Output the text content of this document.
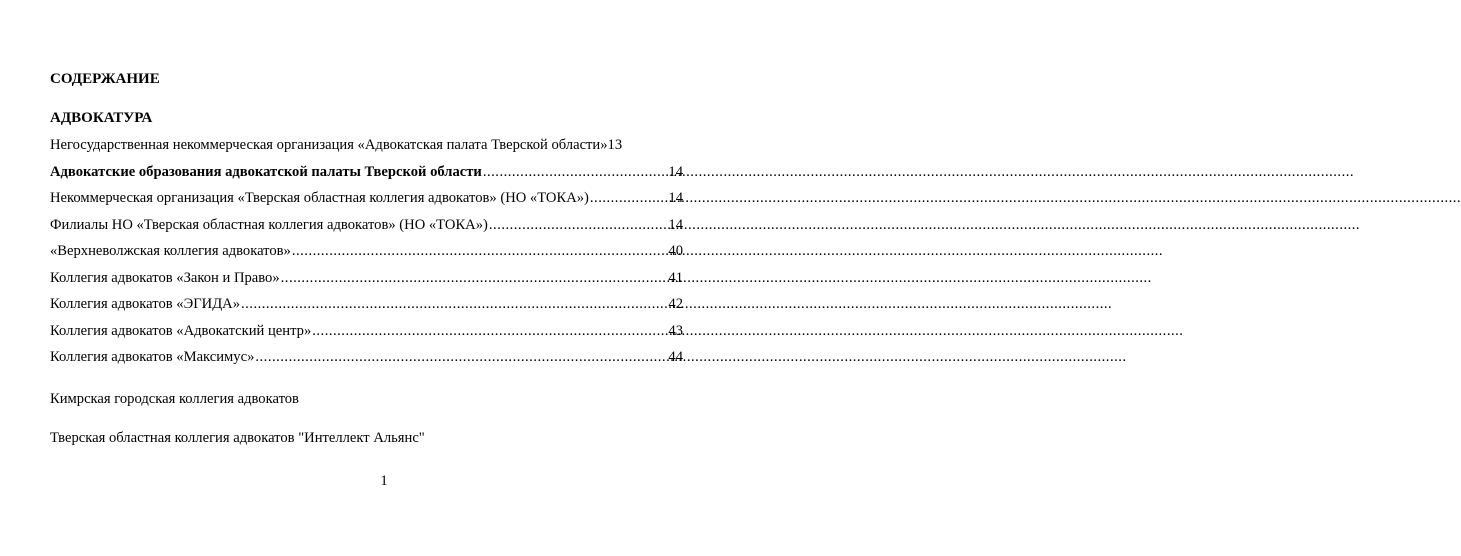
СОДЕРЖАНИЕ

АДВОКАТУРА

Негосударственная некоммерческая организация «Адвокатская палата Тверской области» 13
Адвокатские образования адвокатской палаты Тверской области .....	14
Некоммерческая организация «Тверская областная коллегия адвокатов» (НО «ТОКА») .....	14
Филиалы НО «Тверская областная коллегия адвокатов» (НО «ТОКА») .....	14
«Верхневолжская коллегия адвокатов» .....	40
Коллегия адвокатов «Закон и Право» .....	41
Коллегия адвокатов «ЭГИДА» .....	42
Коллегия адвокатов «Адвокатский центр» .....	43
Коллегия адвокатов «Максимус» .....	44

Кимрская городская коллегия адвокатов

Тверская областная коллегия адвокатов "Интеллект Альянс"

1
